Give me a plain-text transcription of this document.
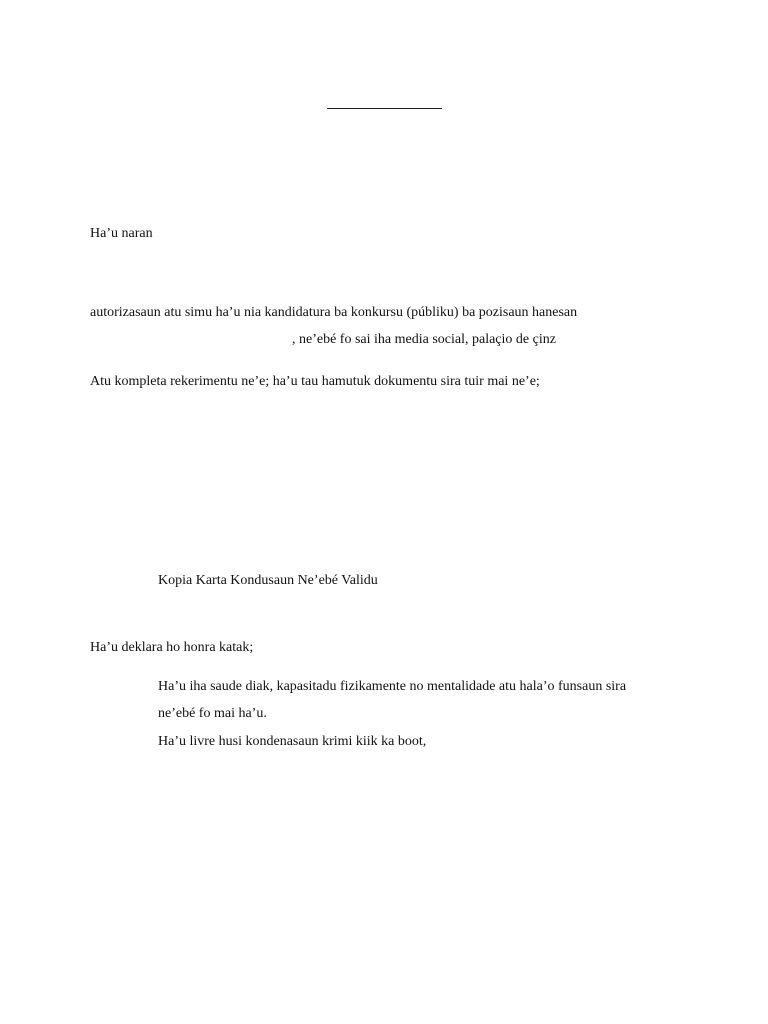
Ha’u naran
autorizasaun atu simu ha’u nia kandidatura ba konkursu (públiku) ba pozisaun hanesan
, ne’ebé fo sai iha media social, palaçio de çinz
Atu kompleta rekerimentu ne’e; ha’u tau hamutuk dokumentu sira tuir mai ne’e;
Kopia Karta Kondusaun Ne’ebé Validu
Ha’u deklara ho honra katak;
Ha’u iha saude diak, kapasitadu fizikamente no mentalidade atu hala’o funsaun sira
ne’ebé fo mai ha’u.
Ha’u livre husi kondenasaun krimi kiik ka boot,
